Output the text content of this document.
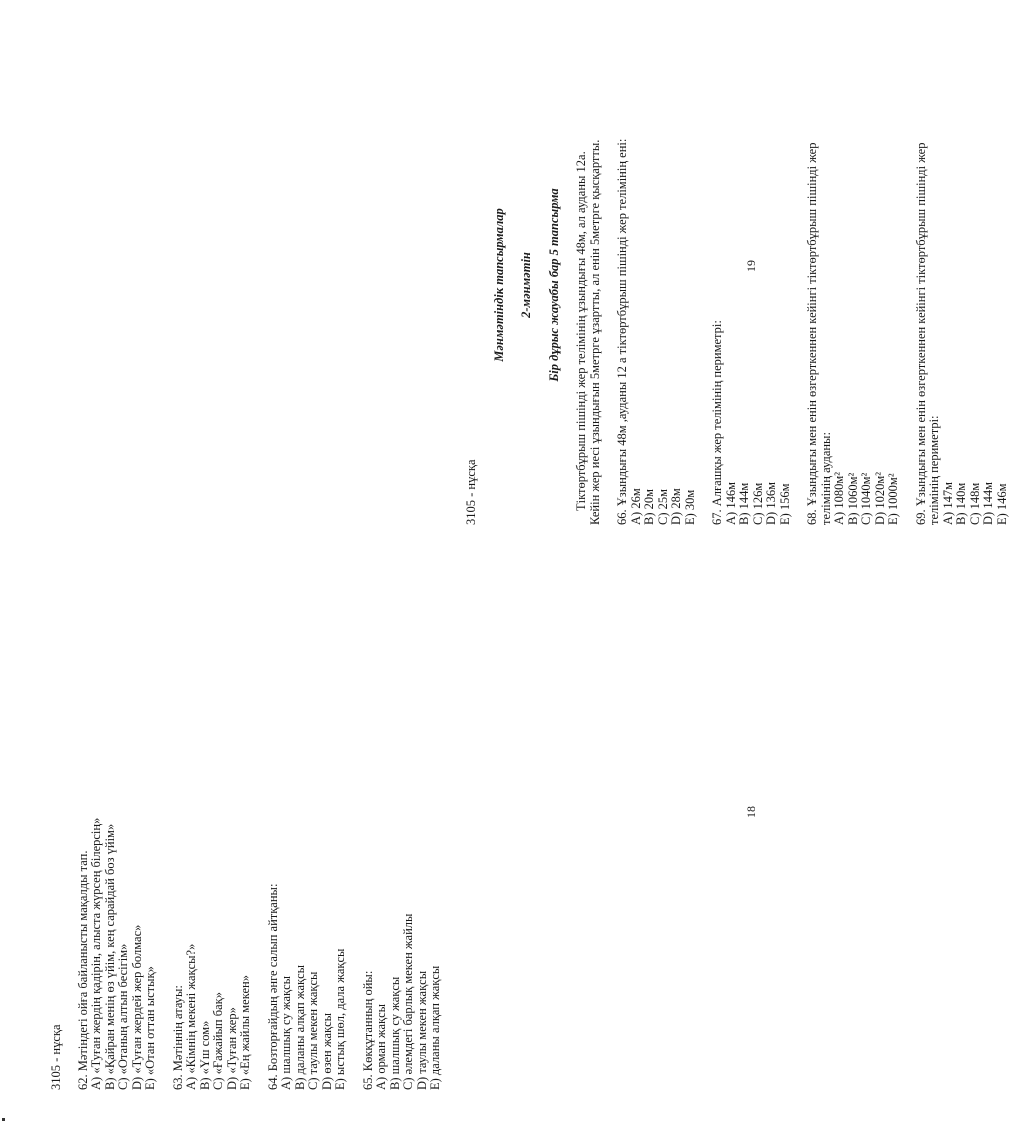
3105 - нұсқа 62. Мәтіндегі ойға байланысты мақалды тап. А) «Туған жердің қадірін, алыста жүрсең білерсің» В) «Қайран менің өз үйім, кең сарайдай боз үйім» С) «Отаның алтын бесігім» D) «Туған жердей жер болмас» Е) «Отан оттан ыстық» 63. Мәтіннің атауы: А) «Кімнің мекені жақсы?» В) «Үш сом» С) «Ғажайып бақ» D) «Туған жер» Е) «Ең жайлы мекен» 64. Бозторғайдың әнге салып айтқаны: А) шалшық су жақсы В) даланы алқап жақсы С) таулы мекен жақсы D) өзен жақсы Е) ыстық шөл, дала жақсы 65. Көкқұтанның ойы: А) орман жақсы В) шалшық су жақсы С) әлемдегі барлық мекен жайлы D) таулы мекен жақсы Е) даланы алқап жақсы
3105 - нұсқа
Мәнмәтіндік тапсырмалар 2-мәнмәтін Бір дұрыс жауабы бар 5 тапсырма Тіктөртбұрыш пішінді жер телімінің ұзындығы 48м, ал ауданы 12а. Кейін жер иесі ұзындығын 5метрге ұзартты, ал енін 5метрге қысқартты. 66. Ұзындығы 48м ,ауданы 12 а тіктөртбұрыш пішінді жер телімінің ені: А) 26м В) 20м С) 25м D) 28м Е) 30м 67. Алғашқы жер телімінің периметрі: А) 146м В) 144м С) 126м D) 136м Е) 156м 68. Ұзындығы мен енін өзгерткеннен кейінгі тіктөртбұрыш пішінді жер телімінің ауданы: А) 1080м² В) 1060м² С) 1040м² D) 1020м² Е) 1000м² 69. Ұзындығы мен енін өзгерткеннен кейінгі тіктөртбұрыш пішінді жер телімінің периметрі: А) 147м В) 140м С) 148м D) 144м Е) 146м
18
19
